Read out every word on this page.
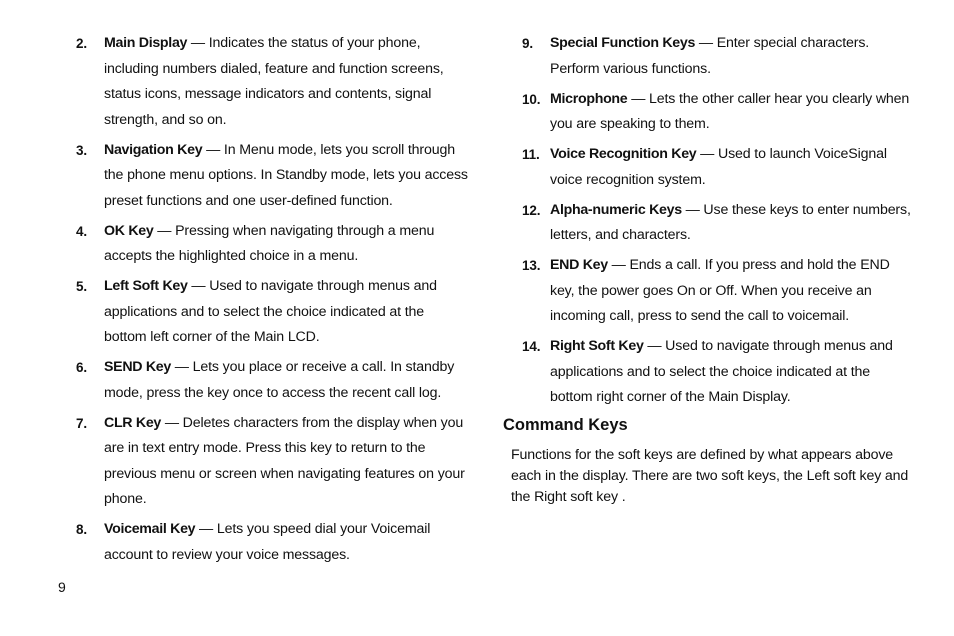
2. Main Display — Indicates the status of your phone, including numbers dialed, feature and function screens, status icons, message indicators and contents, signal strength, and so on.
3. Navigation Key — In Menu mode, lets you scroll through the phone menu options. In Standby mode, lets you access preset functions and one user-defined function.
4. OK Key — Pressing when navigating through a menu accepts the highlighted choice in a menu.
5. Left Soft Key — Used to navigate through menus and applications and to select the choice indicated at the bottom left corner of the Main LCD.
6. SEND Key — Lets you place or receive a call. In standby mode, press the key once to access the recent call log.
7. CLR Key — Deletes characters from the display when you are in text entry mode. Press this key to return to the previous menu or screen when navigating features on your phone.
8. Voicemail Key — Lets you speed dial your Voicemail account to review your voice messages.
9. Special Function Keys — Enter special characters. Perform various functions.
10. Microphone — Lets the other caller hear you clearly when you are speaking to them.
11. Voice Recognition Key — Used to launch VoiceSignal voice recognition system.
12. Alpha-numeric Keys — Use these keys to enter numbers, letters, and characters.
13. END Key — Ends a call. If you press and hold the END key, the power goes On or Off. When you receive an incoming call, press to send the call to voicemail.
14. Right Soft Key — Used to navigate through menus and applications and to select the choice indicated at the bottom right corner of the Main Display.
Command Keys
Functions for the soft keys are defined by what appears above each in the display. There are two soft keys, the Left soft key and the Right soft key .
9
